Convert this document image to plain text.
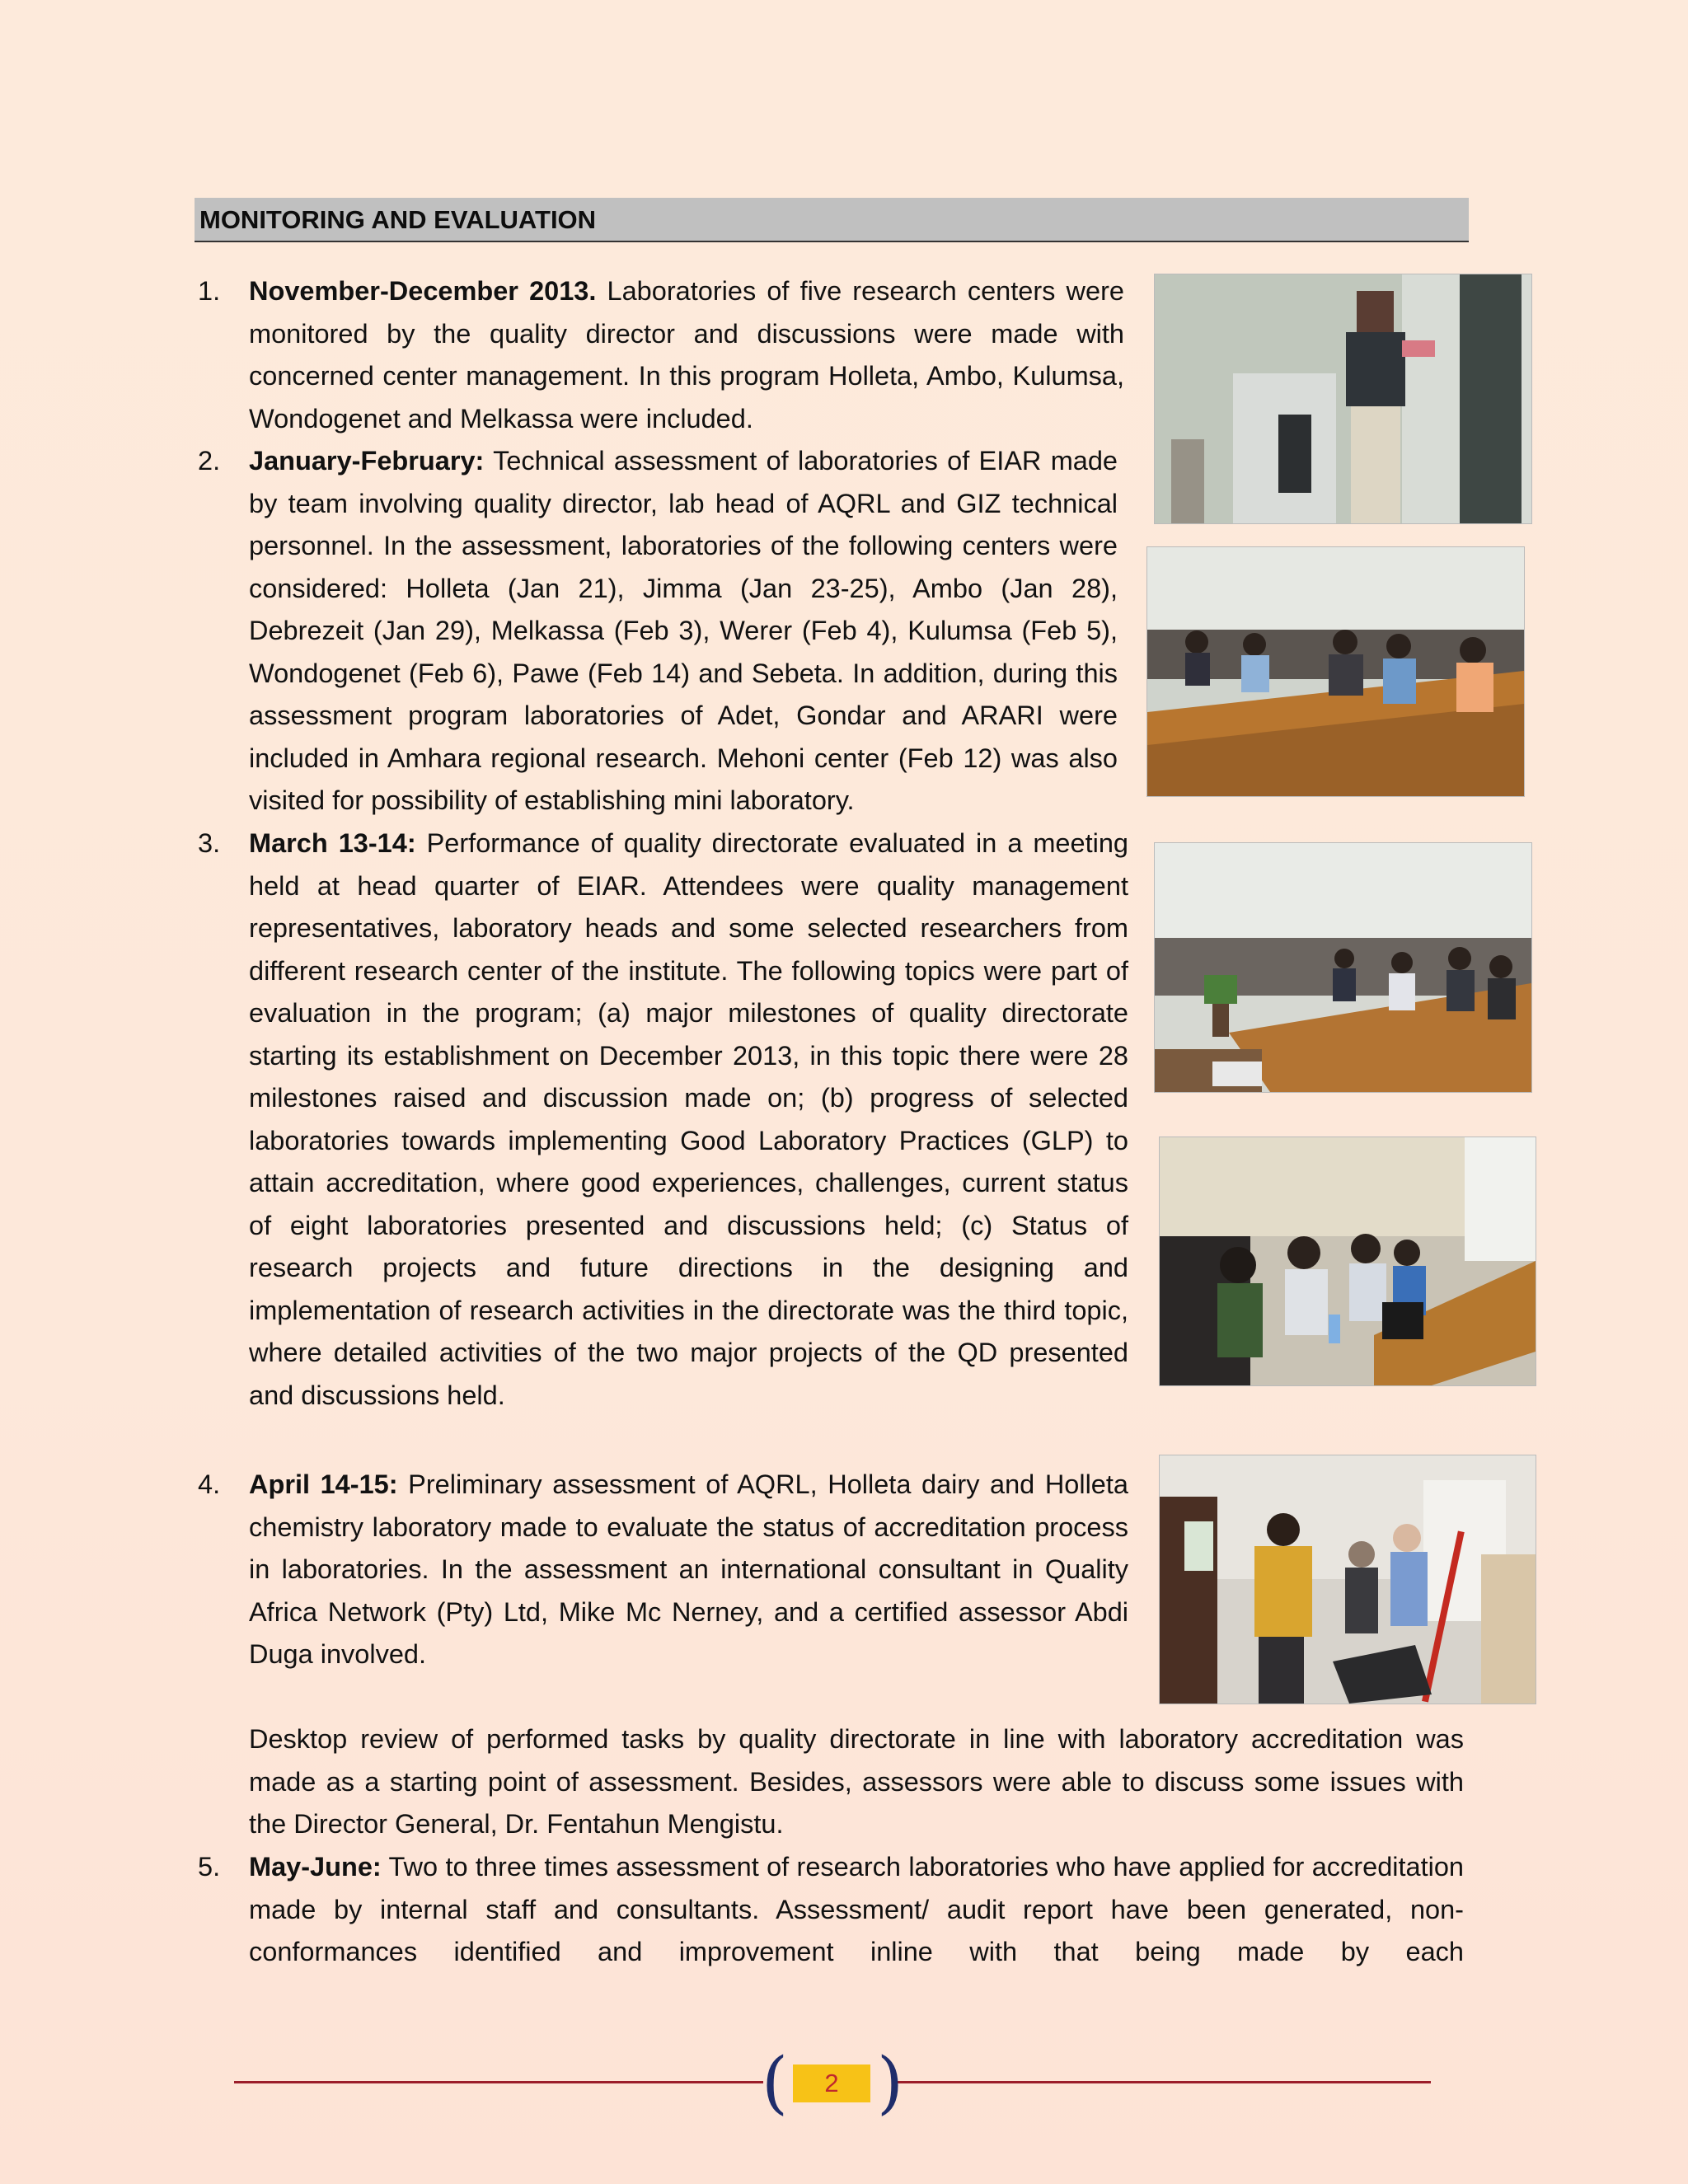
MONITORING AND EVALUATION
1. November-December 2013. Laboratories of five research centers were monitored by the quality director and discussions were made with concerned center management. In this program Holleta, Ambo, Kulumsa, Wondogenet and Melkassa were included.
2. January-February: Technical assessment of laboratories of EIAR made by team involving quality director, lab head of AQRL and GIZ technical personnel. In the assessment, laboratories of the following centers were considered: Holleta (Jan 21), Jimma (Jan 23-25), Ambo (Jan 28), Debrezeit (Jan 29), Melkassa (Feb 3), Werer (Feb 4), Kulumsa (Feb 5), Wondogenet (Feb 6), Pawe (Feb 14) and Sebeta. In addition, during this assessment program laboratories of Adet, Gondar and ARARI were included in Amhara regional research. Mehoni center (Feb 12) was also visited for possibility of establishing mini laboratory.
3. March 13-14: Performance of quality directorate evaluated in a meeting held at head quarter of EIAR. Attendees were quality management representatives, laboratory heads and some selected researchers from different research center of the institute. The following topics were part of evaluation in the program; (a) major milestones of quality directorate starting its establishment on December 2013, in this topic there were 28 milestones raised and discussion made on; (b) progress of selected laboratories towards implementing Good Laboratory Practices (GLP) to attain accreditation, where good experiences, challenges, current status of eight laboratories presented and discussions held; (c) Status of research projects and future directions in the designing and implementation of research activities in the directorate was the third topic, where detailed activities of the two major projects of the QD presented and discussions held.
4. April 14-15: Preliminary assessment of AQRL, Holleta dairy and Holleta chemistry laboratory made to evaluate the status of accreditation process in laboratories. In the assessment an international consultant in Quality Africa Network (Pty) Ltd, Mike Mc Nerney, and a certified assessor Abdi Duga involved.
Desktop review of performed tasks by quality directorate in line with laboratory accreditation was made as a starting point of assessment. Besides, assessors were able to discuss some issues with the Director General, Dr. Fentahun Mengistu.
5. May-June: Two to three times assessment of research laboratories who have applied for accreditation made by internal staff and consultants. Assessment/ audit report have been generated, non-conformances identified and improvement inline with that being made by each
( )
2
